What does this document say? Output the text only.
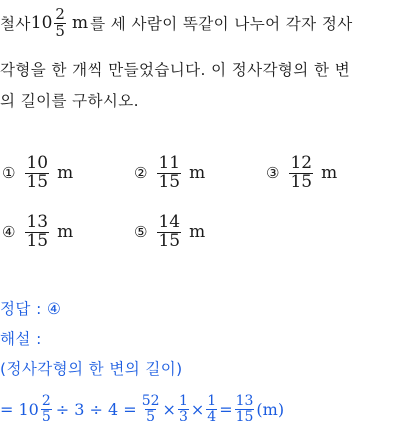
철사 $10 \frac{2}{5}$ m 를 세 사람이 똑같이 나누어 각자 정사
각형을 한 개씩 만들었습니다. 이 정사각형의 한 변
의 길이를 구하시오.
① $\frac{10}{15}$ m	② $\frac{11}{15}$ m	③ $\frac{12}{15}$ m
④ $\frac{13}{15}$ m	⑤ $\frac{14}{15}$ m
정답 : ④
해설 :
(정사각형의 한 변의 길이)
= $10 \frac{2}{5} \div 3 \div 4 = \frac{52}{5} \times \frac{1}{3} \times \frac{1}{4} = \frac{13}{15} (m)$
